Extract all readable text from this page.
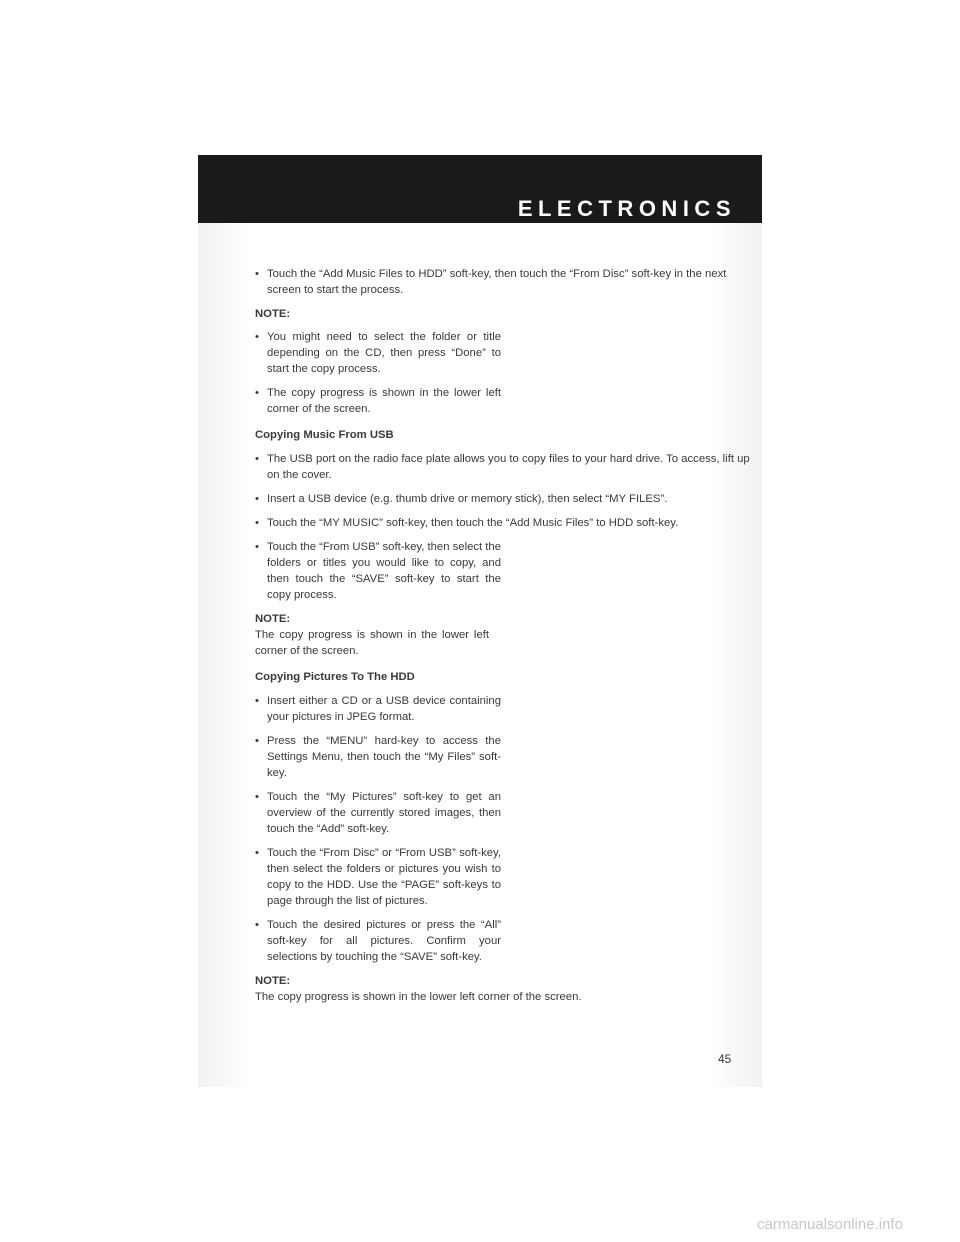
ELECTRONICS
• Touch the “Add Music Files to HDD” soft-key, then touch the “From Disc” soft-key in the next screen to start the process.
NOTE:
• You might need to select the folder or title depending on the CD, then press “Done” to start the copy process.
• The copy progress is shown in the lower left corner of the screen.
Copying Music From USB
• The USB port on the radio face plate allows you to copy files to your hard drive. To access, lift up on the cover.
• Insert a USB device (e.g. thumb drive or memory stick), then select “MY FILES”.
• Touch the “MY MUSIC” soft-key, then touch the “Add Music Files” to HDD soft-key.
• Touch the “From USB” soft-key, then select the folders or titles you would like to copy, and then touch the “SAVE” soft-key to start the copy process.
NOTE:
The copy progress is shown in the lower left corner of the screen.
Copying Pictures To The HDD
• Insert either a CD or a USB device containing your pictures in JPEG format.
• Press the “MENU” hard-key to access the Settings Menu, then touch the “My Files” soft-key.
• Touch the “My Pictures” soft-key to get an overview of the currently stored images, then touch the “Add” soft-key.
• Touch the “From Disc” or “From USB” soft-key, then select the folders or pictures you wish to copy to the HDD. Use the “PAGE” soft-keys to page through the list of pictures.
• Touch the desired pictures or press the “All” soft-key for all pictures. Confirm your selections by touching the “SAVE” soft-key.
NOTE:
The copy progress is shown in the lower left corner of the screen.
45
carmanualsonline.info
